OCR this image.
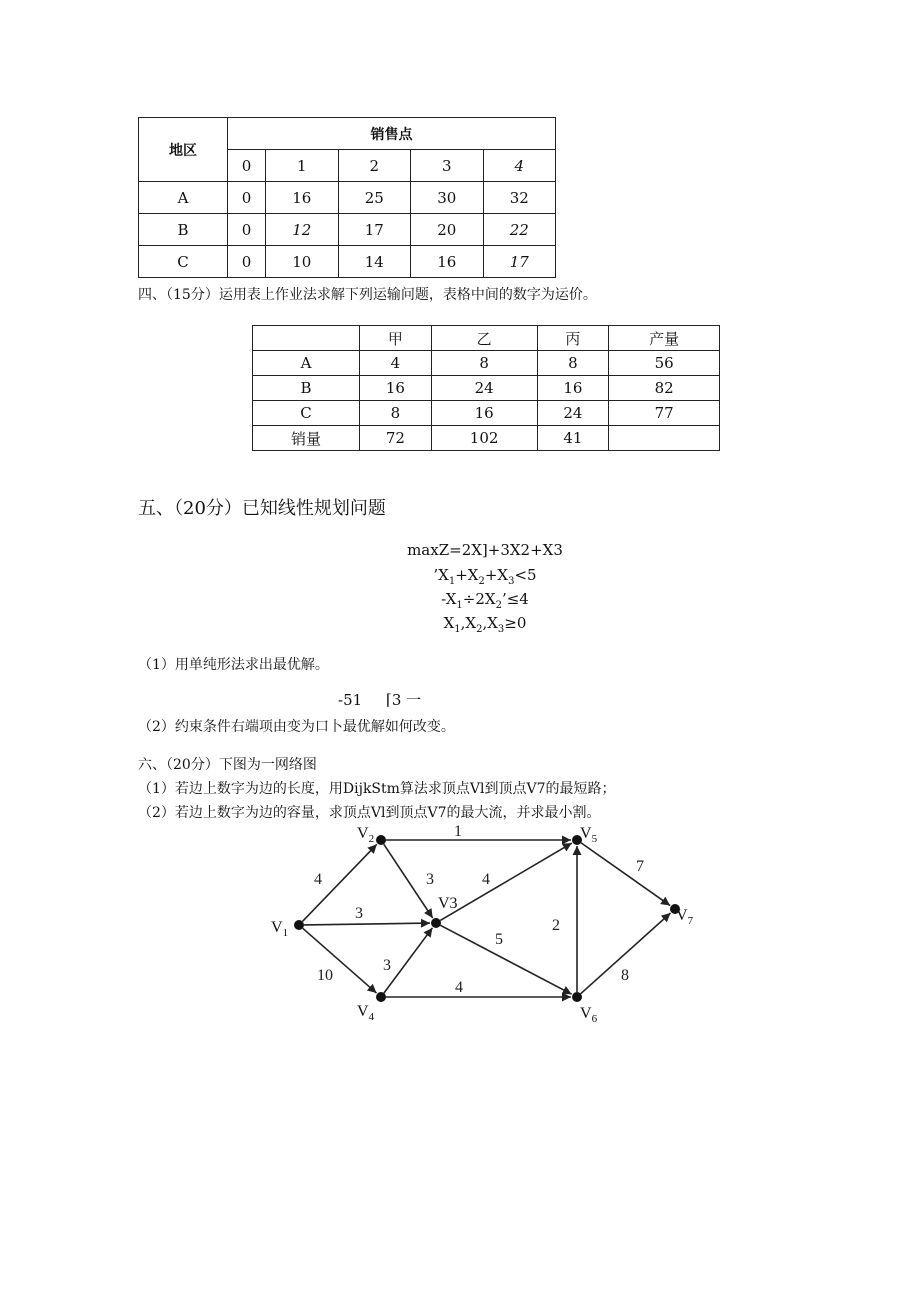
地区	销售点				
	0	1	2	3	4
A	0	16	25	30	32
B	0	12	17	20	22
C	0	10	14	16	17
四、（15分）运用表上作业法求解下列运输问题，表格中间的数字为运价。
	甲	乙	丙	产量
A	4	8	8	56
B	16	24	16	82
C	8	16	24	77
销量	72	102	41	
五、（20分）已知线性规划问题
maxZ=2X]+3X2+X3
$’X_1+X_2+X_3<5$
$-X_1\div 2X_2’\le 4$
$X_1,X_2,X_3\ge 0$
（1）用单纯形法求出最优解。
-51     ⌈3 一
（2）约束条件右端项由变为口卜最优解如何改变。
六、（20分）下图为一网络图
（1）若边上数字为边的长度，用DijkStm算法求顶点Vl到顶点V7的最短路；
（2）若边上数字为边的容量，求顶点Vl到顶点V7的最大流，并求最小割。
4
3
10
1
3
3
4
5
4
2
7
8
$V_1$
$V_2$
V3
$V_4$
$V_5$
$V_6$
$V_7$
